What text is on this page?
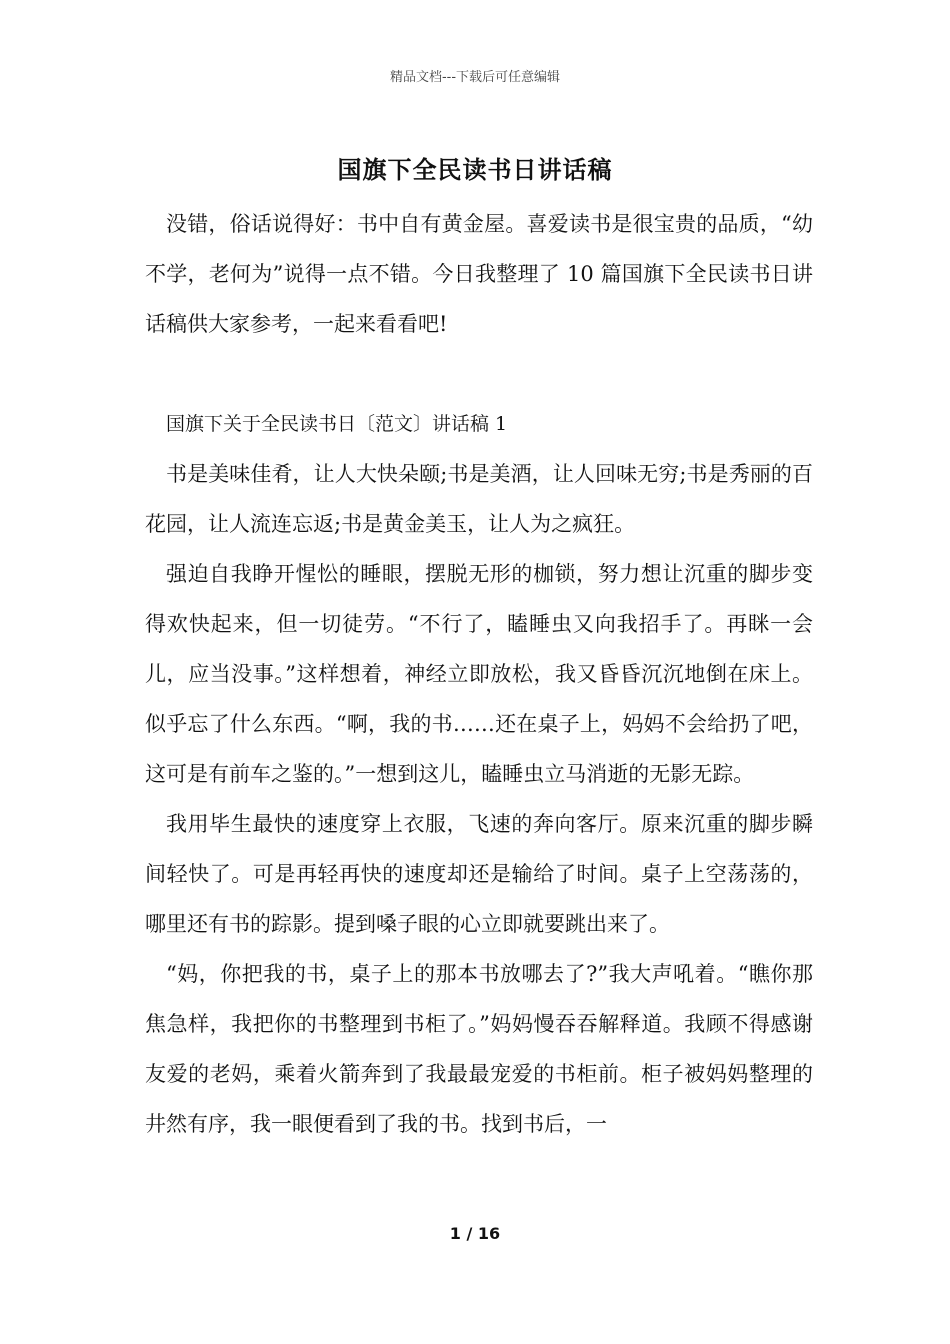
精品文档---下载后可任意编辑
国旗下全民读书日讲话稿

没错，俗话说得好：书中自有黄金屋。喜爱读书是很宝贵的品质，“幼不学，老何为”说得一点不错。今日我整理了 10 篇国旗下全民读书日讲话稿供大家参考，一起来看看吧!

国旗下关于全民读书日〔范文〕讲话稿 1

书是美味佳肴，让人大快朵颐;书是美酒，让人回味无穷;书是秀丽的百花园，让人流连忘返;书是黄金美玉，让人为之疯狂。

强迫自我睁开惺忪的睡眼，摆脱无形的枷锁，努力想让沉重的脚步变得欢快起来，但一切徒劳。“不行了，瞌睡虫又向我招手了。再眯一会儿，应当没事。”这样想着，神经立即放松，我又昏昏沉沉地倒在床上。似乎忘了什么东西。“啊，我的书……还在桌子上，妈妈不会给扔了吧，这可是有前车之鉴的。”一想到这儿，瞌睡虫立马消逝的无影无踪。

我用毕生最快的速度穿上衣服，飞速的奔向客厅。原来沉重的脚步瞬间轻快了。可是再轻再快的速度却还是输给了时间。桌子上空荡荡的，哪里还有书的踪影。提到嗓子眼的心立即就要跳出来了。

“妈，你把我的书，桌子上的那本书放哪去了?”我大声吼着。“瞧你那焦急样，我把你的书整理到书柜了。”妈妈慢吞吞解释道。我顾不得感谢友爱的老妈，乘着火箭奔到了我最最宠爱的书柜前。柜子被妈妈整理的井然有序，我一眼便看到了我的书。找到书后，一

1 / 16
